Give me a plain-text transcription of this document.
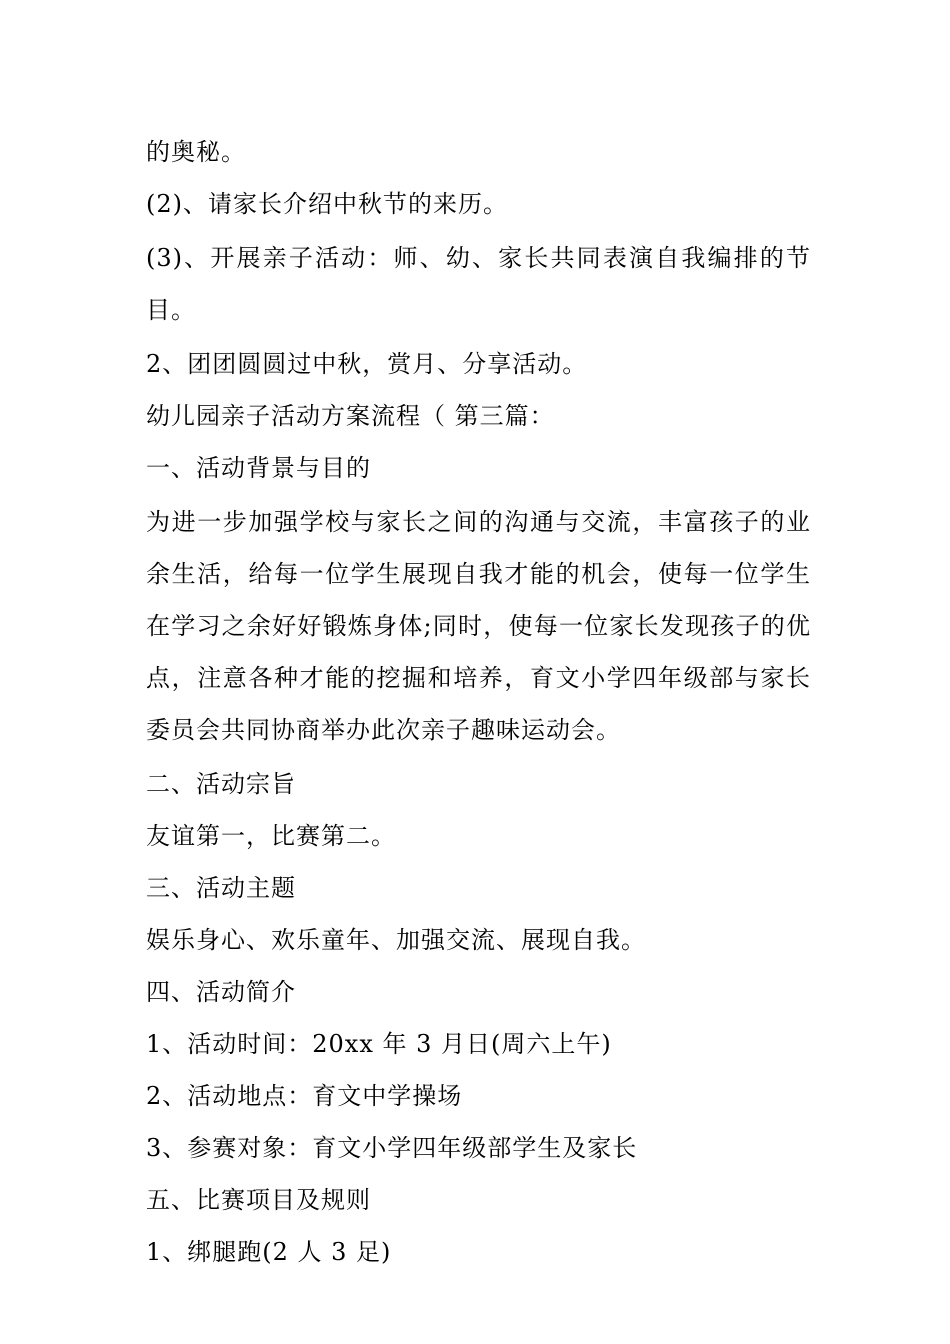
的奥秘。
(2)、请家长介绍中秋节的来历。
(3)、开展亲子活动：师、幼、家长共同表演自我编排的节目。
2、团团圆圆过中秋，赏月、分享活动。
幼儿园亲子活动方案流程（ 第三篇：
一、活动背景与目的
为进一步加强学校与家长之间的沟通与交流，丰富孩子的业余生活，给每一位学生展现自我才能的机会，使每一位学生在学习之余好好锻炼身体;同时，使每一位家长发现孩子的优点，注意各种才能的挖掘和培养，育文小学四年级部与家长委员会共同协商举办此次亲子趣味运动会。
二、活动宗旨
友谊第一，比赛第二。
三、活动主题
娱乐身心、欢乐童年、加强交流、展现自我。
四、活动简介
1、活动时间：20xx 年 3 月日(周六上午)
2、活动地点：育文中学操场
3、参赛对象：育文小学四年级部学生及家长
五、比赛项目及规则
1、绑腿跑(2 人 3 足)
